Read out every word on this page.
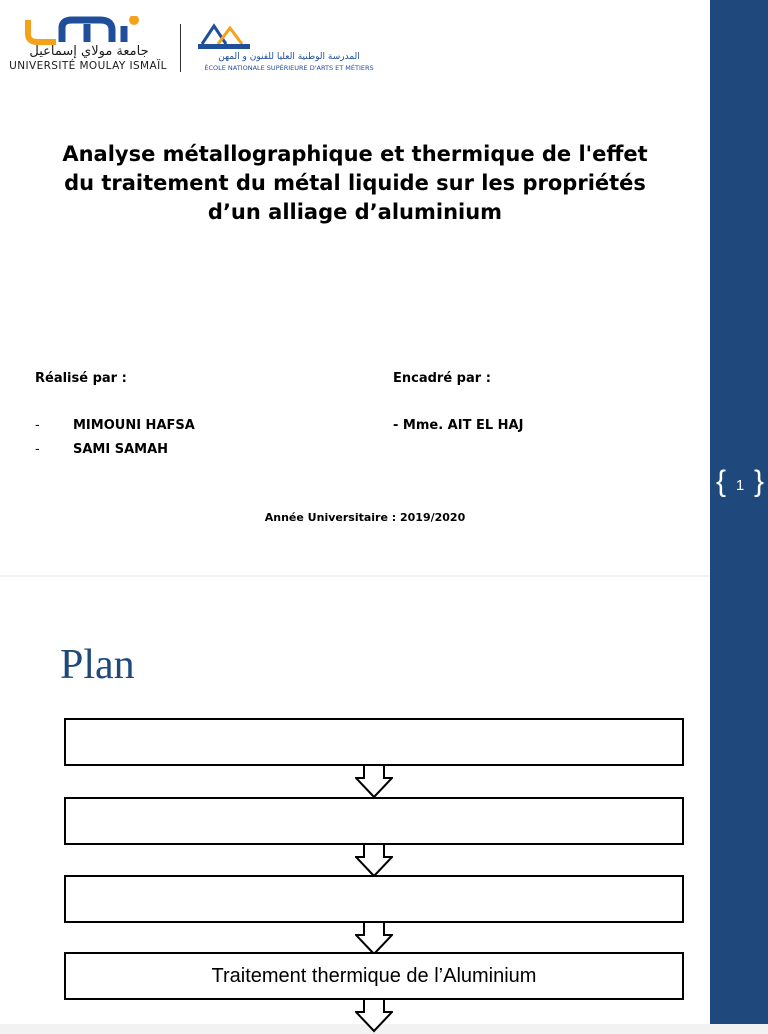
جامعة مولاي إسماعيل
UNIVERSITÉ MOULAY ISMAÏL
المدرسة الوطنية العليا للفنون و المهن
ÉCOLE NATIONALE SUPÉRIEURE D'ARTS ET MÉTIERS
Analyse métallographique et thermique de l'effet
du traitement du métal liquide sur les propriétés
d’un alliage d’aluminium
Réalisé par :
-	MIMOUNI HAFSA
-	SAMI SAMAH
Encadré par :
- Mme. AIT EL HAJ
Année Universitaire : 2019/2020
Plan
Traitement thermique de l’Aluminium
{ 1 }
